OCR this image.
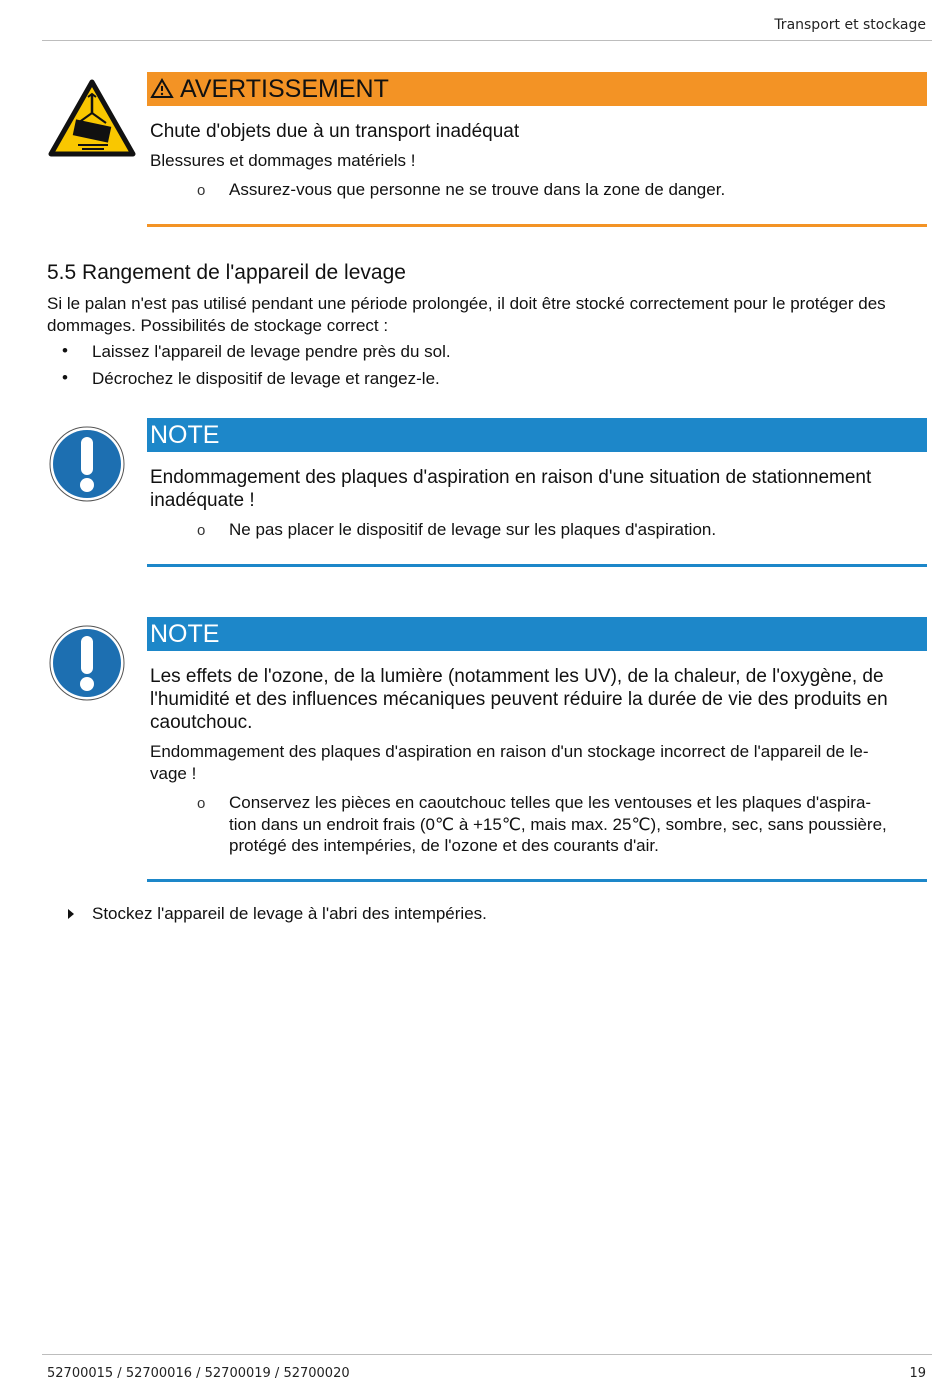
Transport et stockage
AVERTISSEMENT
Chute d'objets due à un transport inadéquat
Blessures et dommages matériels !
o Assurez-vous que personne ne se trouve dans la zone de danger.
5.5 Rangement de l'appareil de levage
Si le palan n'est pas utilisé pendant une période prolongée, il doit être stocké correctement pour le protéger des
dommages. Possibilités de stockage correct :
• Laissez l'appareil de levage pendre près du sol.
• Décrochez le dispositif de levage et rangez-le.
NOTE
Endommagement des plaques d'aspiration en raison d'une situation de stationnement
inadéquate !
o Ne pas placer le dispositif de levage sur les plaques d'aspiration.
NOTE
Les effets de l'ozone, de la lumière (notamment les UV), de la chaleur, de l'oxygène, de
l'humidité et des influences mécaniques peuvent réduire la durée de vie des produits en
caoutchouc.
Endommagement des plaques d'aspiration en raison d'un stockage incorrect de l'appareil de le-
vage !
o Conservez les pièces en caoutchouc telles que les ventouses et les plaques d'aspira-
tion dans un endroit frais (0℃ à +15℃, mais max. 25℃), sombre, sec, sans poussière,
protégé des intempéries, de l'ozone et des courants d'air.
Stockez l'appareil de levage à l'abri des intempéries.
52700015 / 52700016 / 52700019 / 52700020	19
